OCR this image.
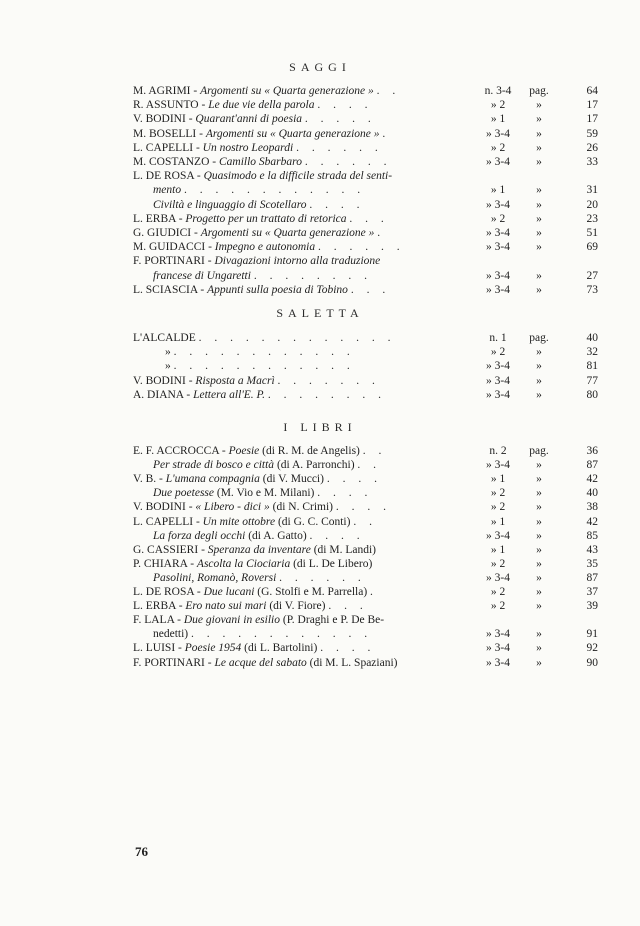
SAGGI
M. AGRIMI - Argomenti su « Quarta generazione » . .	n. 3-4	pag.	64
R. ASSUNTO - Le due vie della parola . . . .	» 2	»	17
V. BODINI - Quarant'anni di poesia . . . . .	» 1	»	17
M. BOSELLI - Argomenti su « Quarta generazione » .	» 3-4	»	59
L. CAPELLI - Un nostro Leopardi . . . . . .	» 2	»	26
M. COSTANZO - Camillo Sbarbaro . . . . . .	» 3-4	»	33
L. DE ROSA - Quasimodo e la difficile strada del senti-
mento . . . . . . . . . . . .	» 1	»	31
Civiltà e linguaggio di Scotellaro . . . .	» 3-4	»	20
L. ERBA - Progetto per un trattato di retorica . . .	» 2	»	23
G. GIUDICI - Argomenti su « Quarta generazione » .	» 3-4	»	51
M. GUIDACCI - Impegno e autonomia . . . . . .	» 3-4	»	69
F. PORTINARI - Divagazioni intorno alla traduzione
francese di Ungaretti . . . . . . . .	» 3-4	»	27
L. SCIASCIA - Appunti sulla poesia di Tobino . . .	» 3-4	»	73
SALETTA
L'ALCALDE . . . . . . . . . . . . .	n. 1	pag.	40
» . . . . . . . . . . . .	» 2	»	32
» . . . . . . . . . . . .	» 3-4	»	81
V. BODINI - Risposta a Macrì . . . . . . .	» 3-4	»	77
A. DIANA - Lettera all'E. P. . . . . . . . .	» 3-4	»	80
I LIBRI
E. F. ACCROCCA - Poesie (di R. M. de Angelis) . .	n. 2	pag.	36
Per strade di bosco e città (di A. Parronchi) . .	» 3-4	»	87
V. B. - L'umana compagnia (di V. Mucci) . . . .	» 1	»	42
Due poetesse (M. Vio e M. Milani) . . . .	» 2	»	40
V. BODINI - « Libero - dici » (di N. Crimi) . . . .	» 2	»	38
L. CAPELLI - Un mite ottobre (di G. C. Conti) . .	» 1	»	42
La forza degli occhi (di A. Gatto) . . . .	» 3-4	»	85
G. CASSIERI - Speranza da inventare (di M. Landi)	» 1	»	43
P. CHIARA - Ascolta la Ciociaria (di L. De Libero)	» 2	»	35
Pasolini, Romanò, Roversi . . . . . .	» 3-4	»	87
L. DE ROSA - Due lucani (G. Stolfi e M. Parrella) .	» 2	»	37
L. ERBA - Ero nato sui mari (di V. Fiore) . . .	» 2	»	39
F. LALA - Due giovani in esilio (P. Draghi e P. De Be-
nedetti) . . . . . . . . . . . .	» 3-4	»	91
L. LUISI - Poesie 1954 (di L. Bartolini) . . . .	» 3-4	»	92
F. PORTINARI - Le acque del sabato (di M. L. Spaziani)	» 3-4	»	90
76
